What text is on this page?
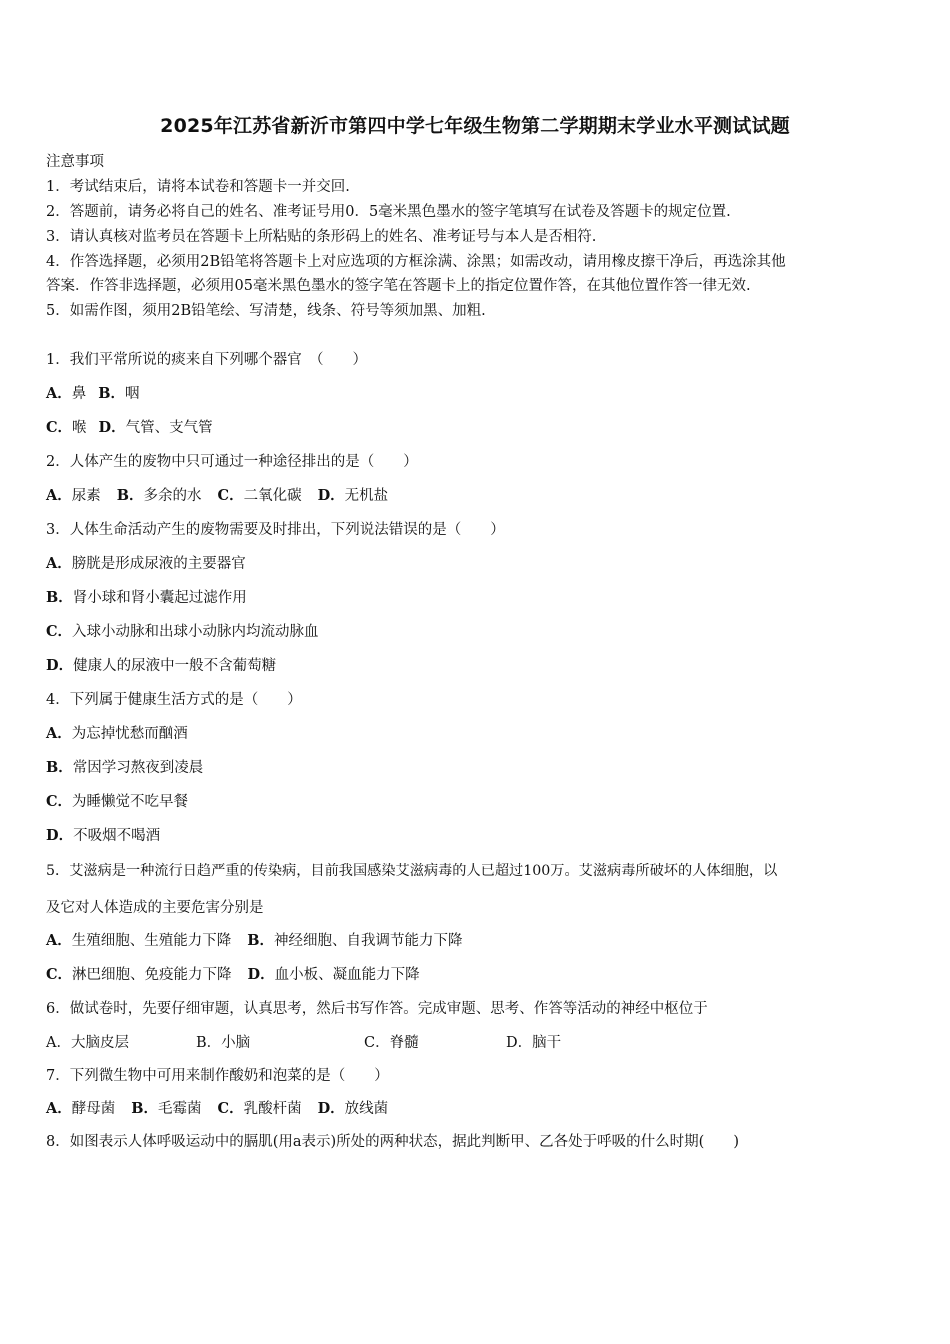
2025年江苏省新沂市第四中学七年级生物第二学期期末学业水平测试试题
注意事项
1．考试结束后，请将本试卷和答题卡一并交回.
2．答题前，请务必将自己的姓名、准考证号用0．5毫米黑色墨水的签字笔填写在试卷及答题卡的规定位置.
3．请认真核对监考员在答题卡上所粘贴的条形码上的姓名、准考证号与本人是否相符.
4．作答选择题，必须用2B铅笔将答题卡上对应选项的方框涂满、涂黑；如需改动，请用橡皮擦干净后，再选涂其他
答案．作答非选择题，必须用05毫米黑色墨水的签字笔在答题卡上的指定位置作答，在其他位置作答一律无效.
5．如需作图，须用2B铅笔绘、写清楚，线条、符号等须加黑、加粗.
1．我们平常所说的痰来自下列哪个器官　（　　）
A．鼻 B．咽
C．喉 D．气管、支气管
2．人体产生的废物中只可通过一种途径排出的是（　　）
A．尿素 B．多余的水 C．二氧化碳 D．无机盐
3．人体生命活动产生的废物需要及时排出，下列说法错误的是（　　）
A．膀胱是形成尿液的主要器官
B．肾小球和肾小囊起过滤作用
C．入球小动脉和出球小动脉内均流动脉血
D．健康人的尿液中一般不含葡萄糖
4．下列属于健康生活方式的是（　　）
A．为忘掉忧愁而酗酒
B．常因学习熬夜到凌晨
C．为睡懒觉不吃早餐
D．不吸烟不喝酒
5．艾滋病是一种流行日趋严重的传染病，目前我国感染艾滋病毒的人已超过100万。艾滋病毒所破坏的人体细胞，以
及它对人体造成的主要危害分别是
A．生殖细胞、生殖能力下降 B．神经细胞、自我调节能力下降
C．淋巴细胞、免疫能力下降 D．血小板、凝血能力下降
6．做试卷时，先要仔细审题，认真思考，然后书写作答。完成审题、思考、作答等活动的神经中枢位于
A．大脑皮层	B．小脑	C．脊髓	D．脑干
7．下列微生物中可用来制作酸奶和泡菜的是（　　）
A．酵母菌 B．毛霉菌 C．乳酸杆菌 D．放线菌
8．如图表示人体呼吸运动中的膈肌(用a表示)所处的两种状态，据此判断甲、乙各处于呼吸的什么时期(　　)
